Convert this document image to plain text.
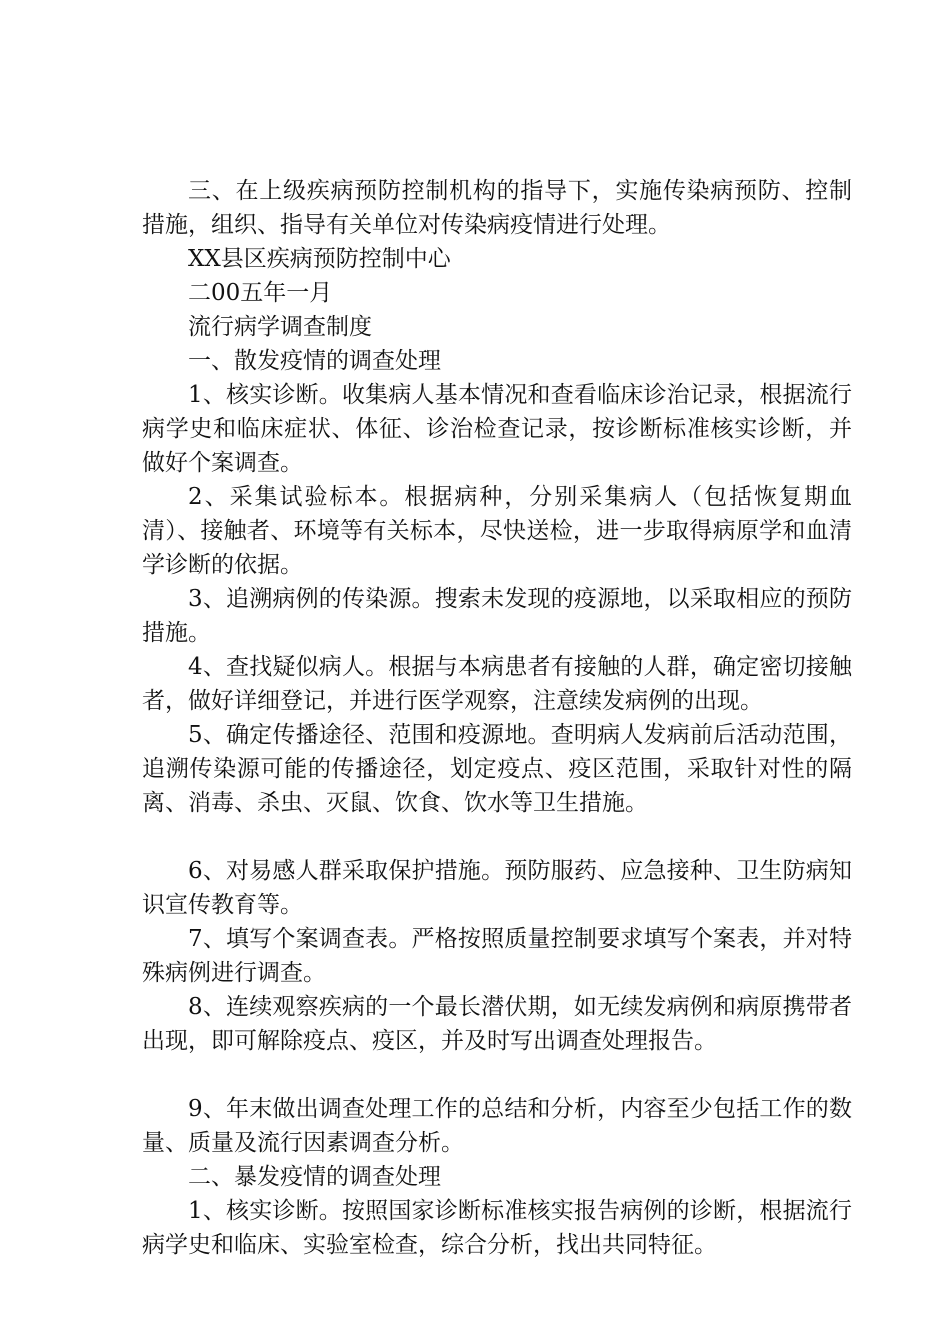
三、在上级疾病预防控制机构的指导下，实施传染病预防、控制措施，组织、指导有关单位对传染病疫情进行处理。

XX县区疾病预防控制中心

二00五年一月

流行病学调查制度

一、散发疫情的调查处理

1、核实诊断。收集病人基本情况和查看临床诊治记录，根据流行病学史和临床症状、体征、诊治检查记录，按诊断标准核实诊断，并做好个案调查。

2、采集试验标本。根据病种，分别采集病人（包括恢复期血清）、接触者、环境等有关标本，尽快送检，进一步取得病原学和血清学诊断的依据。

3、追溯病例的传染源。搜索未发现的疫源地，以采取相应的预防措施。

4、查找疑似病人。根据与本病患者有接触的人群，确定密切接触者，做好详细登记，并进行医学观察，注意续发病例的出现。

5、确定传播途径、范围和疫源地。查明病人发病前后活动范围，追溯传染源可能的传播途径，划定疫点、疫区范围，采取针对性的隔离、消毒、杀虫、灭鼠、饮食、饮水等卫生措施。

6、对易感人群采取保护措施。预防服药、应急接种、卫生防病知识宣传教育等。

7、填写个案调查表。严格按照质量控制要求填写个案表，并对特殊病例进行调查。

8、连续观察疾病的一个最长潜伏期，如无续发病例和病原携带者出现，即可解除疫点、疫区，并及时写出调查处理报告。

9、年末做出调查处理工作的总结和分析，内容至少包括工作的数量、质量及流行因素调查分析。

二、暴发疫情的调查处理

1、核实诊断。按照国家诊断标准核实报告病例的诊断，根据流行病学史和临床、实验室检查，综合分析，找出共同特征。
